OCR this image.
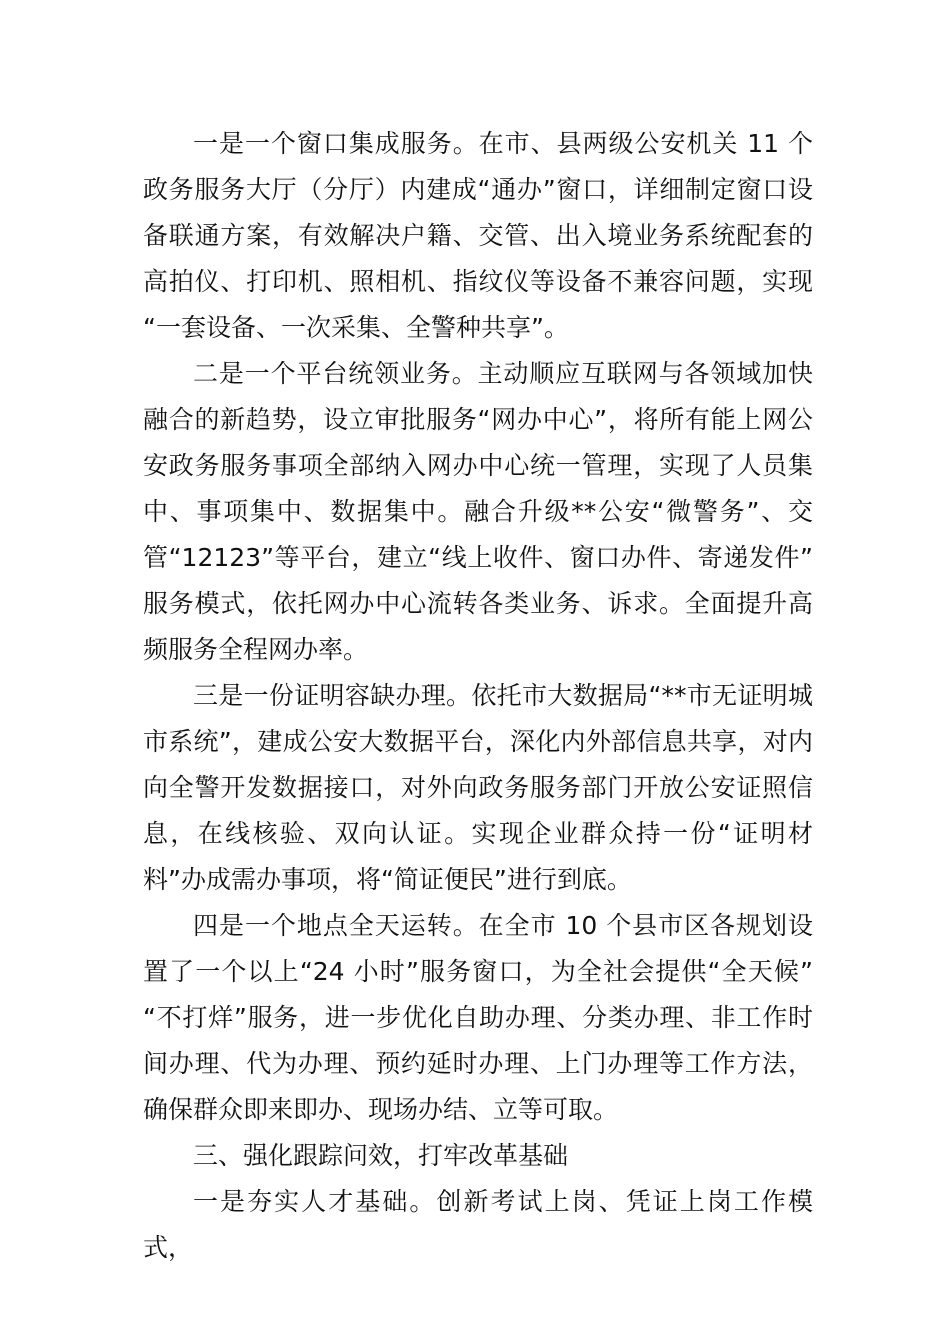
一是一个窗口集成服务。在市、县两级公安机关 11 个政务服务大厅（分厅）内建成“通办”窗口，详细制定窗口设备联通方案，有效解决户籍、交管、出入境业务系统配套的高拍仪、打印机、照相机、指纹仪等设备不兼容问题，实现 “一套设备、一次采集、全警种共享”。

二是一个平台统领业务。主动顺应互联网与各领域加快融合的新趋势，设立审批服务“网办中心”，将所有能上网公 安政务服务事项全部纳入网办中心统一管理，实现了人员集中、事项集中、数据集中。融合升级**公安“微警务”、交管“12123”等平台，建立“线上收件、窗口办件、寄递发件” 服务模式，依托网办中心流转各类业务、诉求。全面提升高频服务全程网办率。

三是一份证明容缺办理。依托市大数据局“**市无证明城市系统”，建成公安大数据平台，深化内外部信息共享，对内向全警开发数据接口，对外向政务服务部门开放公安证照信息，在线核验、双向认证。实现企业群众持一份“证明材料”办成需办事项，将“简证便民”进行到底。

四是一个地点全天运转。在全市 10 个县市区各规划设置了一个以上“24 小时”服务窗口，为全社会提供“全天候” “不打烊”服务，进一步优化自助办理、分类办理、非工作时间办理、代为办理、预约延时办理、上门办理等工作方法， 确保群众即来即办、现场办结、立等可取。

三、强化跟踪问效，打牢改革基础

一是夯实人才基础。创新考试上岗、凭证上岗工作模式，
